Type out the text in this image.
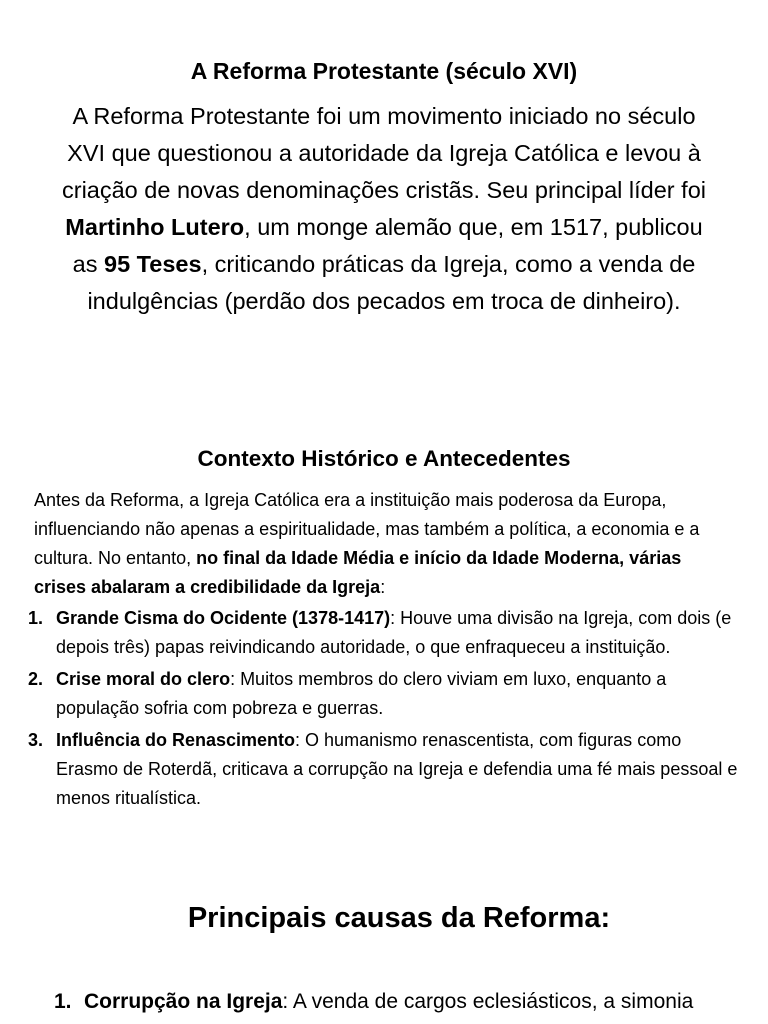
A Reforma Protestante (século XVI)

A Reforma Protestante foi um movimento iniciado no século XVI que questionou a autoridade da Igreja Católica e levou à criação de novas denominações cristãs. Seu principal líder foi Martinho Lutero, um monge alemão que, em 1517, publicou as 95 Teses, criticando práticas da Igreja, como a venda de indulgências (perdão dos pecados em troca de dinheiro).

Contexto Histórico e Antecedentes

Antes da Reforma, a Igreja Católica era a instituição mais poderosa da Europa, influenciando não apenas a espiritualidade, mas também a política, a economia e a cultura. No entanto, no final da Idade Média e início da Idade Moderna, várias crises abalaram a credibilidade da Igreja:

1. Grande Cisma do Ocidente (1378-1417): Houve uma divisão na Igreja, com dois (e depois três) papas reivindicando autoridade, o que enfraqueceu a instituição.
2. Crise moral do clero: Muitos membros do clero viviam em luxo, enquanto a população sofria com pobreza e guerras.
3. Influência do Renascimento: O humanismo renascentista, com figuras como Erasmo de Roterdã, criticava a corrupção na Igreja e defendia uma fé mais pessoal e menos ritualística.
Principais causas da Reforma:
1. Corrupção na Igreja: A venda de cargos eclesiásticos, a simonia
